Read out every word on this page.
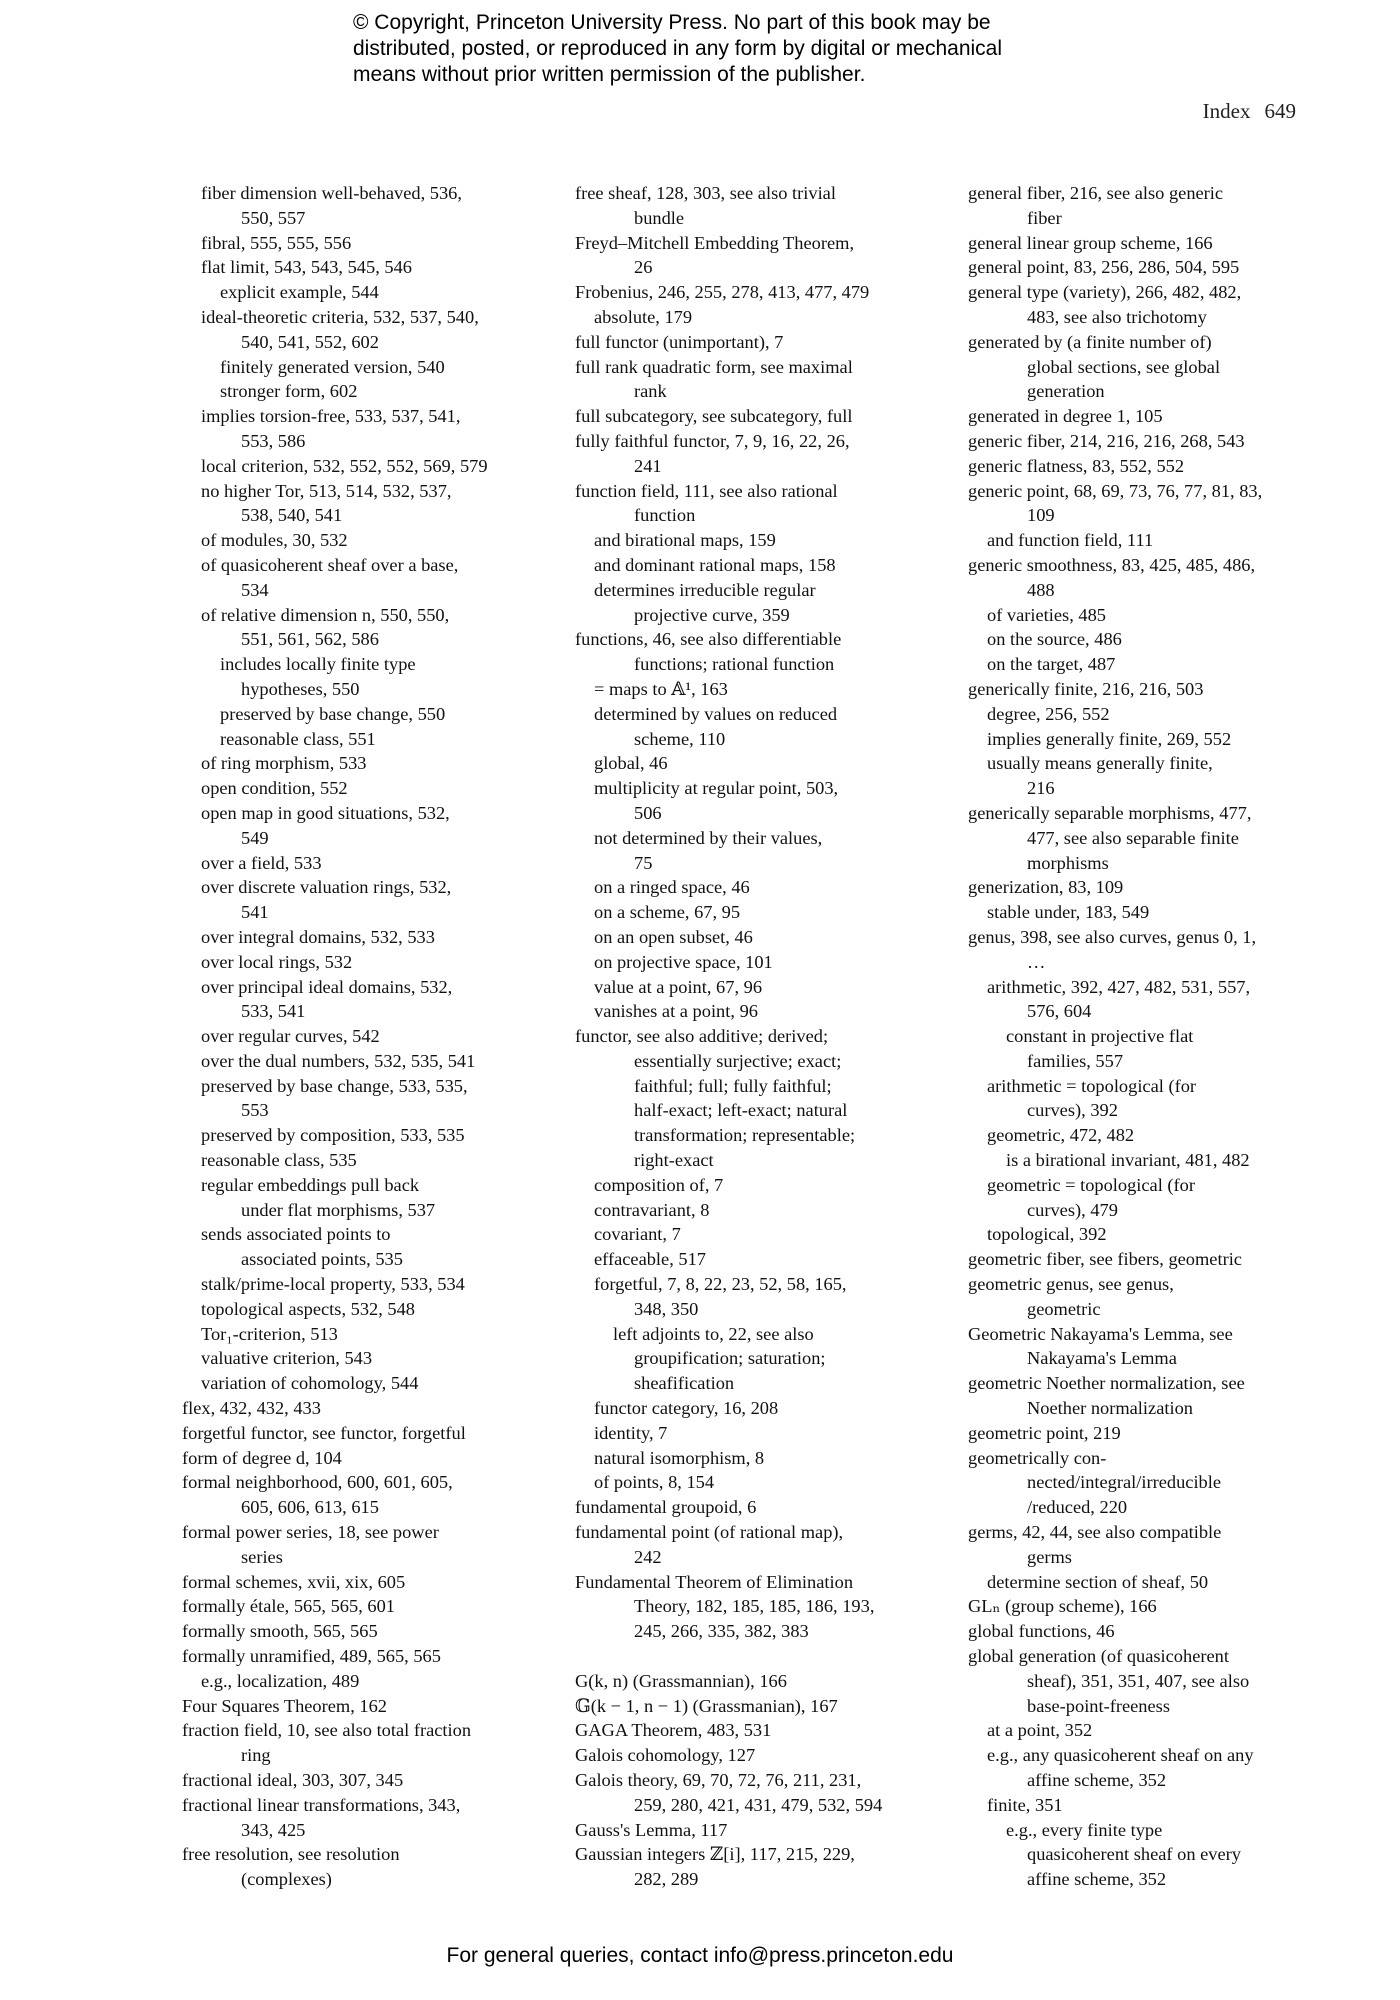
© Copyright, Princeton University Press. No part of this book may be
distributed, posted, or reproduced in any form by digital or mechanical
means without prior written permission of the publisher.
Index 649
fiber dimension well-behaved, 536,
550, 557
fibral, 555, 555, 556
flat limit, 543, 543, 545, 546
explicit example, 544
ideal-theoretic criteria, 532, 537, 540,
540, 541, 552, 602
finitely generated version, 540
stronger form, 602
implies torsion-free, 533, 537, 541,
553, 586
local criterion, 532, 552, 552, 569, 579
no higher Tor, 513, 514, 532, 537,
538, 540, 541
of modules, 30, 532
of quasicoherent sheaf over a base,
534
of relative dimension n, 550, 550,
551, 561, 562, 586
includes locally finite type
hypotheses, 550
preserved by base change, 550
reasonable class, 551
of ring morphism, 533
open condition, 552
open map in good situations, 532,
549
over a field, 533
over discrete valuation rings, 532,
541
over integral domains, 532, 533
over local rings, 532
over principal ideal domains, 532,
533, 541
over regular curves, 542
over the dual numbers, 532, 535, 541
preserved by base change, 533, 535,
553
preserved by composition, 533, 535
reasonable class, 535
regular embeddings pull back
under flat morphisms, 537
sends associated points to
associated points, 535
stalk/prime-local property, 533, 534
topological aspects, 532, 548
Tor₁-criterion, 513
valuative criterion, 543
variation of cohomology, 544
flex, 432, 432, 433
forgetful functor, see functor, forgetful
form of degree d, 104
formal neighborhood, 600, 601, 605,
605, 606, 613, 615
formal power series, 18, see power
series
formal schemes, xvii, xix, 605
formally étale, 565, 565, 601
formally smooth, 565, 565
formally unramified, 489, 565, 565
e.g., localization, 489
Four Squares Theorem, 162
fraction field, 10, see also total fraction
ring
fractional ideal, 303, 307, 345
fractional linear transformations, 343,
343, 425
free resolution, see resolution
(complexes)
free sheaf, 128, 303, see also trivial
bundle
Freyd–Mitchell Embedding Theorem,
26
Frobenius, 246, 255, 278, 413, 477, 479
absolute, 179
full functor (unimportant), 7
full rank quadratic form, see maximal
rank
full subcategory, see subcategory, full
fully faithful functor, 7, 9, 16, 22, 26,
241
function field, 111, see also rational
function
and birational maps, 159
and dominant rational maps, 158
determines irreducible regular
projective curve, 359
functions, 46, see also differentiable
functions; rational function
= maps to 𝔸¹, 163
determined by values on reduced
scheme, 110
global, 46
multiplicity at regular point, 503,
506
not determined by their values,
75
on a ringed space, 46
on a scheme, 67, 95
on an open subset, 46
on projective space, 101
value at a point, 67, 96
vanishes at a point, 96
functor, see also additive; derived;
essentially surjective; exact;
faithful; full; fully faithful;
half-exact; left-exact; natural
transformation; representable;
right-exact
composition of, 7
contravariant, 8
covariant, 7
effaceable, 517
forgetful, 7, 8, 22, 23, 52, 58, 165,
348, 350
left adjoints to, 22, see also
groupification; saturation;
sheafification
functor category, 16, 208
identity, 7
natural isomorphism, 8
of points, 8, 154
fundamental groupoid, 6
fundamental point (of rational map),
242
Fundamental Theorem of Elimination
Theory, 182, 185, 185, 186, 193,
245, 266, 335, 382, 383
G(k, n) (Grassmannian), 166
𝔾(k − 1, n − 1) (Grassmanian), 167
GAGA Theorem, 483, 531
Galois cohomology, 127
Galois theory, 69, 70, 72, 76, 211, 231,
259, 280, 421, 431, 479, 532, 594
Gauss's Lemma, 117
Gaussian integers ℤ[i], 117, 215, 229,
282, 289
general fiber, 216, see also generic
fiber
general linear group scheme, 166
general point, 83, 256, 286, 504, 595
general type (variety), 266, 482, 482,
483, see also trichotomy
generated by (a finite number of)
global sections, see global
generation
generated in degree 1, 105
generic fiber, 214, 216, 216, 268, 543
generic flatness, 83, 552, 552
generic point, 68, 69, 73, 76, 77, 81, 83,
109
and function field, 111
generic smoothness, 83, 425, 485, 486,
488
of varieties, 485
on the source, 486
on the target, 487
generically finite, 216, 216, 503
degree, 256, 552
implies generally finite, 269, 552
usually means generally finite,
216
generically separable morphisms, 477,
477, see also separable finite
morphisms
generization, 83, 109
stable under, 183, 549
genus, 398, see also curves, genus 0, 1,
…
arithmetic, 392, 427, 482, 531, 557,
576, 604
constant in projective flat
families, 557
arithmetic = topological (for
curves), 392
geometric, 472, 482
is a birational invariant, 481, 482
geometric = topological (for
curves), 479
topological, 392
geometric fiber, see fibers, geometric
geometric genus, see genus,
geometric
Geometric Nakayama's Lemma, see
Nakayama's Lemma
geometric Noether normalization, see
Noether normalization
geometric point, 219
geometrically con-
nected/integral/irreducible
/reduced, 220
germs, 42, 44, see also compatible
germs
determine section of sheaf, 50
GLₙ (group scheme), 166
global functions, 46
global generation (of quasicoherent
sheaf), 351, 351, 407, see also
base-point-freeness
at a point, 352
e.g., any quasicoherent sheaf on any
affine scheme, 352
finite, 351
e.g., every finite type
quasicoherent sheaf on every
affine scheme, 352
For general queries, contact info@press.princeton.edu
